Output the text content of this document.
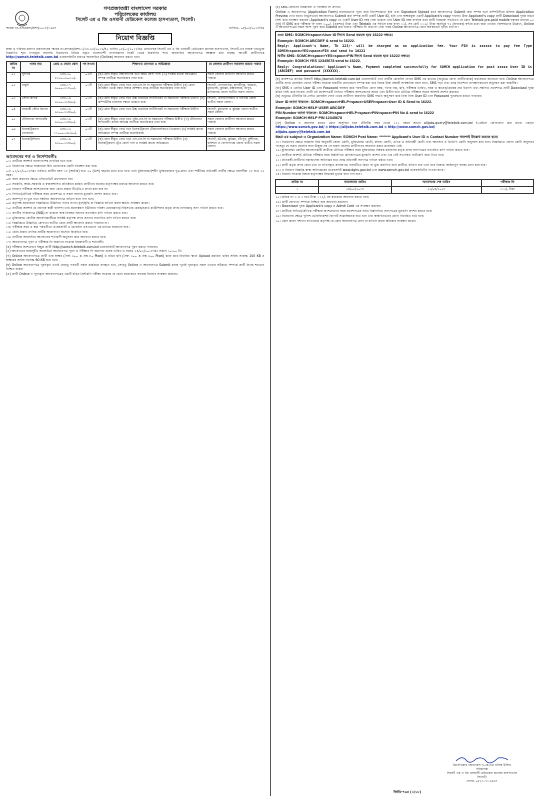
গণপ্রজাতন্ত্রী বাংলাদেশ সরকার
পরিচালকের কার্যালয়
সিলেট এম এ জি ওসমানী মেডিকেল কলেজ হাসপাতাল, সিলেট।
স্মারক নং-ওসমেকহা/প্রশা/২০১৮/১৬৬৭	তারিখঃ- ০৪/০৩/২০১৮খ্রিঃ
নিয়োগ বিজ্ঞপ্তি

স্বাস্থ্য ও পরিবার কল্যাণ মন্ত্রণালয়ের স্মারক নং-স্বাপকম/প্রশা-১/৩এ-৩৩/২০১৬/৪৫ তারিখ ০৮/০১/২০১৮খ্রিঃ মোতাবেক সিলেট এম এ জি ওসমানী মেডিকেল কলেজ হাসপাতাল, সিলেট-এর রাজস্ব খাতভুক্ত নিম্নবর্ণিত শূন্য পদসমূহে সরাসরি নিয়োগের নিমিত্ত প্রকৃত বাংলাদেশী নাগরিকদের নিকট থেকে নিম্নবর্ণিত শর্তে অনলাইনে আবেদনপত্র আহ্বান করা যাচ্ছে। আগ্রহী প্রার্থীগণকে http://somch.teletalk.com.bd ওয়েবসাইটের মাধ্যমে অনলাইনে (Online) আবেদন করতে হবে।

ক্রমিক নং	পদের নাম	গ্রেড ও বেতন স্কেল	পদ সংখ্যা	শিক্ষাগত যোগ্যতা ও অভিজ্ঞতা	যে জেলার প্রার্থীগণ আবেদন করতে পারবে
০১	সুইপার	গ্রেড-২০ ৮২৫০-২০০১০/-	০২টি	(ক) কোন স্বীকৃত বিশ্ববিদ্যালয় হতে অষ্টম শ্রেণী পাস। (খ) সংশ্লিষ্ট কাজে অভিজ্ঞতা সম্পন্ন প্রার্থীকে অগ্রাধিকার দেয়া হবে।	সকল জেলার প্রার্থীগণ আবেদন করতে পারবে।
০২	বাবুর্চি	গ্রেড-১৭ ৯০০০-২১৮০০/-	০১টি	(ক) কোন স্বীকৃত বোর্ড হতে এস.এস.সি বা সমমানের পরীক্ষায় উত্তীর্ণ। (খ) কোন প্রতিষ্ঠান থেকে রন্ধন বিষয়ে প্রশিক্ষণ প্রাপ্ত প্রার্থীকে অগ্রাধিকার দেয়া হবে।	সিলেট, গোপালগঞ্জ, মাদারীপুর, বরগুনা, চুয়াডাঙ্গা, কুমিল্লা, কক্সবাজার, রংপুর, মানিকগঞ্জ জেলা ব্যতীত সকল জেলা।
০৩	স্টোর কিপার	গ্রেড-১৬ ৯৩০০-২২৪৯০/-	০১টি	(ক) কোন স্বীকৃত বোর্ড হতে উচ্চ মাধ্যমিক সার্টিফিকেট বা সমমানের পরীক্ষায় উত্তীর্ণ। (খ) কম্পিউটার চালনায় দক্ষতা থাকতে হবে।	সিলেট, মৌলভীবাজার ও হবিগঞ্জ জেলা ব্যতীত সকল জেলা।
০৪	সহকারী স্টোর কিপার	গ্রেড-১৬ ৯৩০০-২২৪৯০/-	০১টি	(ক) কোন স্বীকৃত বোর্ড হতে উচ্চ মাধ্যমিক সার্টিফিকেট বা সমমানের পরীক্ষায় উত্তীর্ণ।	সিলেট, চুয়াডাঙ্গা ও কুমিল্লা জেলা ব্যতীত সকল জেলা।
০৫	টেলিফোন অপারেটর	গ্রেড-১৬ ৯৩০০-২২৪৯০/-	০১টি	(ক) কোন স্বীকৃত বোর্ড হতে এইচ.এস.সি বা সমমানের পরীক্ষায় উত্তীর্ণ। (খ) টেলিফোন অপারেটিং কাজে অভিজ্ঞ প্রার্থীকে অগ্রাধিকার দেয়া হবে।	সকল জেলার প্রার্থীগণ আবেদন করতে পারবে।
০৬	ইলেকট্রিক্যাল ফোরম্যান	গ্রেড-১৩ ১১০০০-২৬৫৯০/-	০১টি	(ক) কোন স্বীকৃত বোর্ড হতে ইলেকট্রিক্যাল টেকনোলজিতে ডিপ্লোমা। (খ) সংশ্লিষ্ট কাজে অভিজ্ঞতা সম্পন্ন প্রার্থীকে অগ্রাধিকার।	সকল জেলার প্রার্থীগণ আবেদন করতে পারবে।
০৭	ইলেকট্রিশিয়ান	গ্রেড-১৬ ৯৩০০-২২৪৯০/-	০১টি	(ক) কোন স্বীকৃত বোর্ড হতে এস.এস.সি বা সমমানের পরীক্ষায় উত্তীর্ণ। (খ) ইলেকট্রিক্যাল ট্রেড কোর্স পাস ও সংশ্লিষ্ট কাজে অভিজ্ঞতা।	সিলেট, চট্টগ্রাম, কুমিল্লা, চাঁদপুর, মুন্সীগঞ্জ, বরিশাল ও গোপালগঞ্জ জেলা ব্যতীত সকল জেলা।
আবেদনের শর্ত ও নির্দেশাবলীঃ

০১। প্রার্থীকে অবশ্যই বাংলাদেশের নাগরিক হতে হবে।

০২। নিয়োগের ক্ষেত্রে সরকারের বিধি মোতাবেক কোটা সংরক্ষণ করা হবে।

০৩। ০১/০৩/২০১৮খ্রিঃ তারিখে প্রার্থীর বয়স ১৮ (আঠার) হতে ৩০ (ত্রিশ) বছরের মধ্যে হতে হবে। তবে মুক্তিযোদ্ধা/শহীদ মুক্তিযোদ্ধার পুত্র-কন্যা এবং শারীরিক প্রতিবন্ধী প্রার্থীর ক্ষেত্রে বয়সসীমা ১৮ হতে ৩২ বছর।

০৪। বয়স প্রমাণের ক্ষেত্রে এফিডেভিট গ্রহণযোগ্য নয়।

০৫। সরকারি, আধা-সরকারি ও স্বায়ত্তশাসিত প্রতিষ্ঠানে কর্মরত প্রার্থীদের যথাযথ কর্তৃপক্ষের মাধ্যমে আবেদন করতে হবে।

০৬। নিয়োগ পরীক্ষায় অংশগ্রহণের জন্য কোন প্রকার টিএ/ডিএ প্রদান করা হবে না।

০৭। লিখিত/মৌখিক পরীক্ষার সময় প্রবেশপত্র ও সকল সনদের মূলকপি প্রদর্শন করতে হবে।

০৮। অসম্পূর্ণ বা ভুল তথ্য সম্বলিত আবেদনপত্র বাতিল বলে গণ্য হবে।

০৯। কর্তৃপক্ষ প্রয়োজনে বিজ্ঞপ্তিতে উল্লিখিত পদের সংখ্যা হ্রাস/বৃদ্ধি বা বিজ্ঞপ্তি বাতিল করার ক্ষমতা সংরক্ষণ করেন।

১০। প্রার্থীকে অবশ্যই যে জেলার স্থায়ী বাসিন্দা তার প্রমাণস্বরূপ ইউনিয়ন পরিষদ চেয়ারম্যান/পৌরসভার মেয়র/ওয়ার্ড কাউন্সিলর কর্তৃক প্রদত্ত নাগরিকত্ব সনদ দাখিল করতে হবে।

১১। জাতীয় পরিচয়পত্র (NID) না থাকলে জন্ম নিবন্ধন সনদের সত্যায়িত কপি দাখিল করতে হবে।

১২। মুক্তিযোদ্ধা কোটায় আবেদনকারীকে সংশ্লিষ্ট কর্তৃপক্ষ প্রদত্ত সনদের সত্যায়িত কপি দাখিল করতে হবে।

১৩। বিজ্ঞপ্তিতে উল্লিখিত যোগ্যতা ব্যতীত কোন প্রার্থী আবেদন করতে পারবেন না।

১৪। পরীক্ষার সময় ও স্থান পরবর্তীতে ওয়েবসাইট ও মোবাইল এসএমএস এর মাধ্যমে জানানো হবে।

১৫। কোন প্রকার তদবির প্রার্থীর অযোগ্যতা হিসেবে বিবেচিত হবে।

১৬। প্রার্থীকে অনলাইনে আবেদনের শর্তাবলী অনুসরণ করে আবেদন করতে হবে।

১৭। আবেদনপত্র পূরণ ও পরীক্ষার ফি জমাদান সংক্রান্ত নিয়মাবলী ও শর্তাবলীঃ

(ক) পরীক্ষায় অংশগ্রহণে ইচ্ছুক প্রার্থী http://somch.teletalk.com.bd ওয়েবসাইটে আবেদনপত্র পূরণ করতে পারবেন।

(খ) আবেদনের সময়সূচীঃ অনলাইনে আবেদনপত্র পূরণ ও পরীক্ষার ফি জমাদান শুরুর তারিখ ও সময়ঃ ২৪/০৩/২০১৮খ্রিঃ সকাল ১০:০০ টা।

(গ) Online আবেদনপত্রে প্রার্থী তার স্বাক্ষর (দৈর্ঘ্য ৩০০ × প্রস্থ ৮০ Pixel) ও রঙিন ছবি (দৈর্ঘ্য ৩০০ × প্রস্থ ৩০০ Pixel) স্ক্যান করে নির্ধারিত স্থানে Upload করবেন। ছবির সাইজ সর্বোচ্চ 100 KB ও স্বাক্ষরের সাইজ সর্বোচ্চ 60 KB হতে হবে।

(ঘ) Online আবেদনপত্রে পূরণকৃত তথ্যই যেহেতু পরবর্তী সকল কার্যক্রমে ব্যবহৃত হবে, সেহেতু Online এ আবেদনপত্র Submit করার পূর্বেই পূরণকৃত সকল তথ্যের সঠিকতা সম্পর্কে প্রার্থী নিজে শতভাগ নিশ্চিত হবেন।

(ঙ) প্রার্থী Online এ পূরণকৃত আবেদনপত্রের একটি রঙিন প্রিন্টকপি পরীক্ষা সংক্রান্ত যে কোন প্রয়োজনে সহায়ক হিসেবে সংরক্ষণ করবেন।

(চ) SMS প্রেরণের নিয়মাবলী ও পরীক্ষার ফি প্রদানঃ

Online এ আবেদনপত্র (Application Form) যথাযথভাবে পূরণ করে নির্দেশনামতে ছবি এবং Signature Upload করে আবেদনপত্র Submit করা সম্পন্ন হলে কম্পিউটারে ছবিসহ Application Preview দেখা যাবে। নির্ভুলভাবে আবেদনপত্র Submit করা সম্পন্ন প্রার্থী একটি User ID, ছবি এবং স্বাক্ষরযুক্ত একটি Applicant's copy পাবেন। উক্ত Applicant's copy প্রার্থী Download পূর্বক রঙিন প্রিন্ট করে সংরক্ষণ করবেন। Applicant's copy তে একটি User ID নম্বর দেয়া থাকবে এবং User ID নম্বর ব্যবহার করে প্রার্থী নিম্নোক্ত পদ্ধতিতে যে কোন Teletalk pre-paid mobile নম্বরের মাধ্যমে ০২ (দুই) টি SMS করে পরীক্ষার ফি বাবদ ১০০/- (একশত) টাকা এবং Teletalk এর সার্ভিস চার্জ বাবদ ১২/- সহ মোট ১১২/- টাকা অনধিক ৭২ (বাহাত্তর) ঘন্টার মধ্যে জমা দেবেন। বিশেষভাবে উল্লেখ্য, Online এ আবেদনপত্রের সকল অংশ পূরণ করে Submit করা হলেও পরীক্ষার ফি জমা না দেয়া পর্যন্ত Online আবেদনপত্র কোন অবস্থাতেই গৃহীত হবে না।

প্রথম SMS: SOMCH<space>User ID লিখে Send করতে হবে 16222 নম্বরে।

Example: SOMCH ABCDEF & send to 16222.

Reply: Applicant's Name, Tk 223/- will be charged as an application fee. Your PIN is xxxxxx to pay fee Type SOMCH<space>YES<space>PIN and send to 16222

দ্বিতীয় SMS: SOMCH<space>YES<space>PIN লিখে Send করতে হবে 16222 নম্বরে।

Example: SOMCH YES 12345678 send to 16222.

Reply: Congratulations! Applicant's Name, Payment completed successfully for SOMCH application for post xxxxx User ID is (ABCDEF) and password (XXXXXX).

(ছ) প্রবেশপত্র প্রাপ্তির বিষয়টি http://somch.teletalk.com.bd ওয়েবসাইটে এবং প্রার্থীর মোবাইল ফোনে SMS এর মাধ্যমে (শুধুমাত্র যোগ্য প্রার্থীদেরকে) যথাসময়ে জানানো হবে। Online আবেদনপত্রে প্রার্থীর প্রদত্ত মোবাইল ফোনে পরীক্ষা সংক্রান্ত যাবতীয় যোগাযোগ সম্পন্ন করা হবে বিধায় উক্ত নম্বরটি সার্বক্ষণিক সচল রাখা, SMS পড়া এবং প্রাপ্ত নির্দেশনা তাৎক্ষণিকভাবে অনুসরণ করা বাঞ্চনীয়।

(জ) SMS এ প্রেরিত User ID এবং Password ব্যবহার করে পরবর্তীতে রোল নম্বর, পদের নাম, ছবি, পরীক্ষার তারিখ, সময় ও স্থানের/কেন্দ্রের নাম ইত্যাদি তথ্য সম্বলিত প্রবেশপত্র প্রার্থী Download পূর্বক রঙিন প্রিন্ট করে নিবেন। প্রার্থী এই প্রবেশপত্রটি লিখিত পরীক্ষায় অংশগ্রহণের সময়ে এবং উত্তীর্ণ হলে মৌখিক পরীক্ষার সময়ে অবশ্যই প্রদর্শন করবেন।

(ঝ) শুধুমাত্র টেলিটক প্রি-পেইড মোবাইল ফোন থেকে প্রার্থীগণ নিম্নবর্ণিত SMS পদ্ধতি অনুসরণ করে নিজ নিজ User ID এবং Password পুনরুদ্ধার করতে পারবেন।

User ID জানা থাকলে: SOMCH<space>HELP<space>USER<space>User ID & Send to 16222.

Example: SOMCH HELP USER ABCDEF

PIN Number জানা থাকলে: SOMCH<space>HELP<space>PIN<space>PIN No & send to 16222

Example: SOMCH HELP PIN 12345678

(ঞ) Online এ আবেদন করতে কোন অসুবিধা হলে টেলিটক নম্বর থেকে ১২১ নম্বরে অথবা alljobs.query@teletalk.com.bd ই-মেইলে যোগাযোগ করা যাবে। এছাড়া https://www.somch.gov.bd/ ও https://alljobs.teletalk.com.bd ও http://www.somch.gov.bd/

alljobs.query@teletalk.com.bd

Mail এর subject এ Organization Name: SOMCH Post Name: ******** Applicant's User ID ও Contact Number অবশ্যই উল্লেখ করতে হবে।

১৮। নিয়োগের ক্ষেত্রে সরকারি বিধি অনুযায়ী জেলা কোটা, মুক্তিযোদ্ধা কোটা, মহিলা কোটা, এতিম ও প্রতিবন্ধী কোটা এবং আনসার ও ভিডিপি কোটা অনুসরণ করা হবে। বিজ্ঞপ্তিতে জেলা কোটা অনুসারে পদসমূহ যে সকল জেলার জন্য উন্মুক্ত নয় সে সকল জেলার প্রার্থীগণের আবেদন করার প্রয়োজন নেই।

১৯। মুক্তিযোদ্ধা কোটায় আবেদনকারী প্রার্থীকে মৌখিক পরীক্ষার সময় মুক্তিযোদ্ধা বিষয়ক মন্ত্রণালয় কর্তৃক প্রদত্ত সনদপত্রের সত্যায়িত কপি দাখিল করতে হবে।

২০। প্রার্থীকে অবশ্যই মৌখিক পরীক্ষার সময় নিম্নলিখিত কাগজপত্রের মূলকপি প্রদর্শন এবং এক সেট সত্যায়িত ফটোকপি জমা দিতে হবে।

২১। প্রতিবন্ধী প্রার্থীদের সমাজসেবা অধিদপ্তর হতে প্রাপ্ত প্রতিবন্ধী সনদপত্র দাখিল করতে হবে।

২২। প্রার্থী কর্তৃক প্রদত্ত কোন তথ্য বা দাখিলকৃত কাগজপত্র পরবর্তীতে মিথ্যা বা ভুয়া প্রমাণিত হলে প্রার্থীতা বাতিল হবে এবং তার বিরুদ্ধে আইনানুগ ব্যবস্থা গ্রহণ করা হবে।

২৩। এ নিয়োগ বিজ্ঞপ্তি স্বাস্থ্য অধিদপ্তরের ওয়েবসাইট www.dghs.gov.bd এবং www.somch.gov.bd ওয়েবসাইটেও পাওয়া যাবে।

২৪। নিয়োগ সংক্রান্ত বিষয়ে কর্তৃপক্ষের সিদ্ধান্তই চূড়ান্ত বলে গণ্য হবে।

ক্রমিক নং	আবেদনের তারিখ	আবেদনের শেষ তারিখ	পরীক্ষার ফি
১	২৪/০৩/২০১৮	২৩/০৪/২০১৮	১১২/- টাকা

২৫। ক্রমিক নং ৩ ও ৫ হতে টাকা ১১২/- সহ যথাক্রমে আবেদন করতে হবে।

২৬। প্রার্থী যোগ্যতা সম্পর্কে নিশ্চিত হয়ে আবেদন করবেন।

২৭। Download পূর্বক Applicant's copy ও Admit Card এর সংরক্ষণ করবেন।

২৮। প্রার্থীকে লিখিত/মৌখিক পরীক্ষায় অংশগ্রহণের সময় প্রবেশপত্রের সাথে নিম্নলিখিত সনদপত্রের মূলকপি প্রদর্শন করতে হবে।

২৯। নিয়োগের ক্ষেত্রে পুলিশ ভেরিফিকেশন রিপোর্ট সন্তোষজনক হতে হবে এবং স্বাস্থ্যগতভাবে যোগ্য বিবেচিত হতে হবে।

৩০। কোন কারণ দর্শানো ব্যতিরেকে কর্তৃপক্ষ যে কোন আবেদনপত্র গ্রহণ বা বাতিল করার অধিকার সংরক্ষণ করেন।

ব্রিগেডিয়ার জেনারেল এ.কে.এম নাসির উদ্দিন
পরিচালক
সিলেট এম এ জি ওসমানী মেডিকেল কলেজ হাসপাতাল
সিলেট।
ফোনঃ ০৮২১-৭১৩৬৬৭
জিডি-৭৬৩ (২/১৮)
